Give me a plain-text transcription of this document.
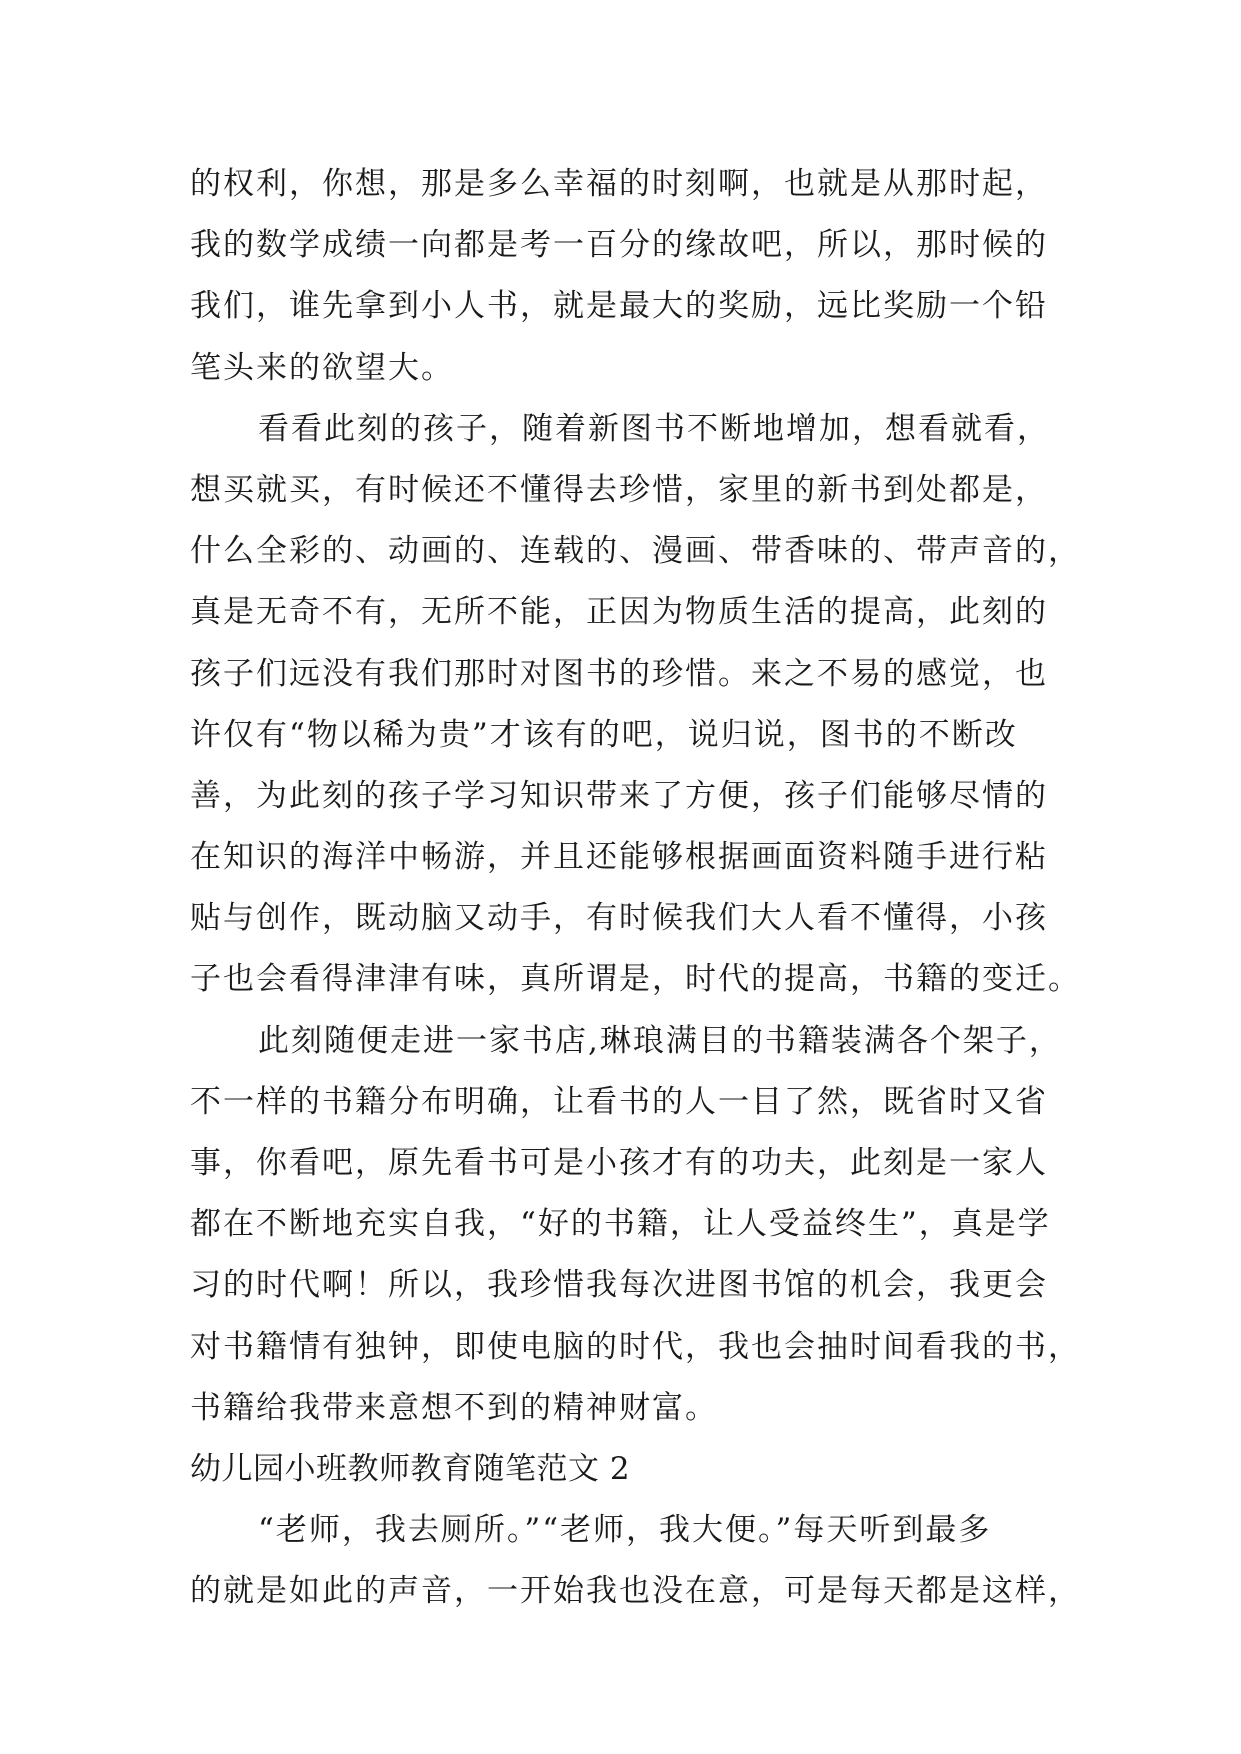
的权利，你想，那是多么幸福的时刻啊，也就是从那时起，
我的数学成绩一向都是考一百分的缘故吧，所以，那时候的
我们，谁先拿到小人书，就是最大的奖励，远比奖励一个铅
笔头来的欲望大。
看看此刻的孩子，随着新图书不断地增加，想看就看，
想买就买，有时候还不懂得去珍惜，家里的新书到处都是，
什么全彩的、动画的、连载的、漫画、带香味的、带声音的，
真是无奇不有，无所不能，正因为物质生活的提高，此刻的
孩子们远没有我们那时对图书的珍惜。来之不易的感觉，也
许仅有“物以稀为贵”才该有的吧，说归说，图书的不断改
善，为此刻的孩子学习知识带来了方便，孩子们能够尽情的
在知识的海洋中畅游，并且还能够根据画面资料随手进行粘
贴与创作，既动脑又动手，有时候我们大人看不懂得，小孩
子也会看得津津有味，真所谓是，时代的提高，书籍的变迁。
此刻随便走进一家书店,琳琅满目的书籍装满各个架子，
不一样的书籍分布明确，让看书的人一目了然，既省时又省
事，你看吧，原先看书可是小孩才有的功夫，此刻是一家人
都在不断地充实自我，“好的书籍，让人受益终生”，真是学
习的时代啊！所以，我珍惜我每次进图书馆的机会，我更会
对书籍情有独钟，即使电脑的时代，我也会抽时间看我的书，
书籍给我带来意想不到的精神财富。
幼儿园小班教师教育随笔范文 2
“老师，我去厕所。”“老师，我大便。”每天听到最多
的就是如此的声音，一开始我也没在意，可是每天都是这样，
